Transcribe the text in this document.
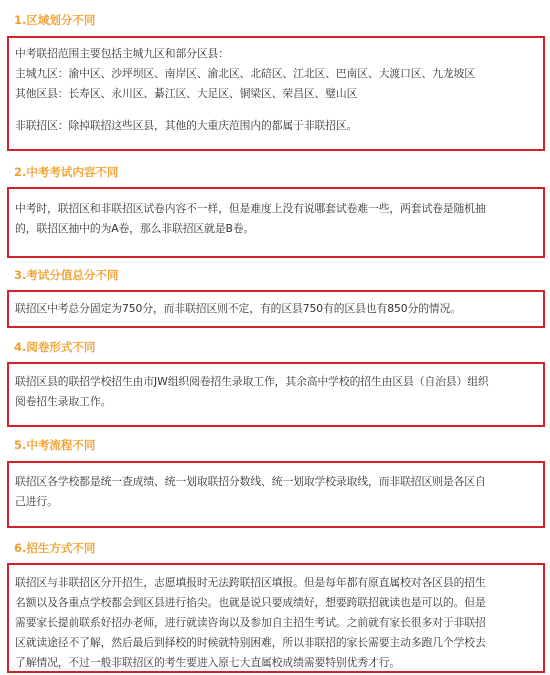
1.区域划分不同
中考联招范围主要包括主城九区和部分区县：
主城九区：渝中区、沙坪坝区、南岸区、渝北区、北碚区、江北区、巴南区、大渡口区、九龙坡区
其他区县：长寿区、永川区、綦江区、大足区、铜梁区、荣昌区、璧山区
非联招区：除掉联招这些区县，其他的大重庆范围内的都属于非联招区。
2.中考考试内容不同
中考时，联招区和非联招区试卷内容不一样，但是难度上没有说哪套试卷难一些，两套试卷是随机抽
的，联招区抽中的为A卷，那么非联招区就是B卷。
3.考试分值总分不同
联招区中考总分固定为750分，而非联招区则不定，有的区县750有的区县也有850分的情况。
4.阅卷形式不同
联招区县的联招学校招生由市JW组织阅卷招生录取工作，其余高中学校的招生由区县（自治县）组织
阅卷招生录取工作。
5.中考流程不同
联招区各学校都是统一查成绩、统一划取联招分数线、统一划取学校录取线，而非联招区则是各区自
己进行。
6.招生方式不同
联招区与非联招区分开招生，志愿填报时无法跨联招区填报。但是每年都有原直属校对各区县的招生
名额以及各重点学校都会到区县进行掐尖。也就是说只要成绩好，想要跨联招就读也是可以的。但是
需要家长提前联系好招办老师，进行就读咨询以及参加自主招生考试。之前就有家长很多对于非联招
区就读途径不了解，然后最后到择校的时候就特别困难，所以非联招的家长需要主动多跑几个学校去
了解情况，不过一般非联招区的考生要进入原七大直属校成绩需要特别优秀才行。
